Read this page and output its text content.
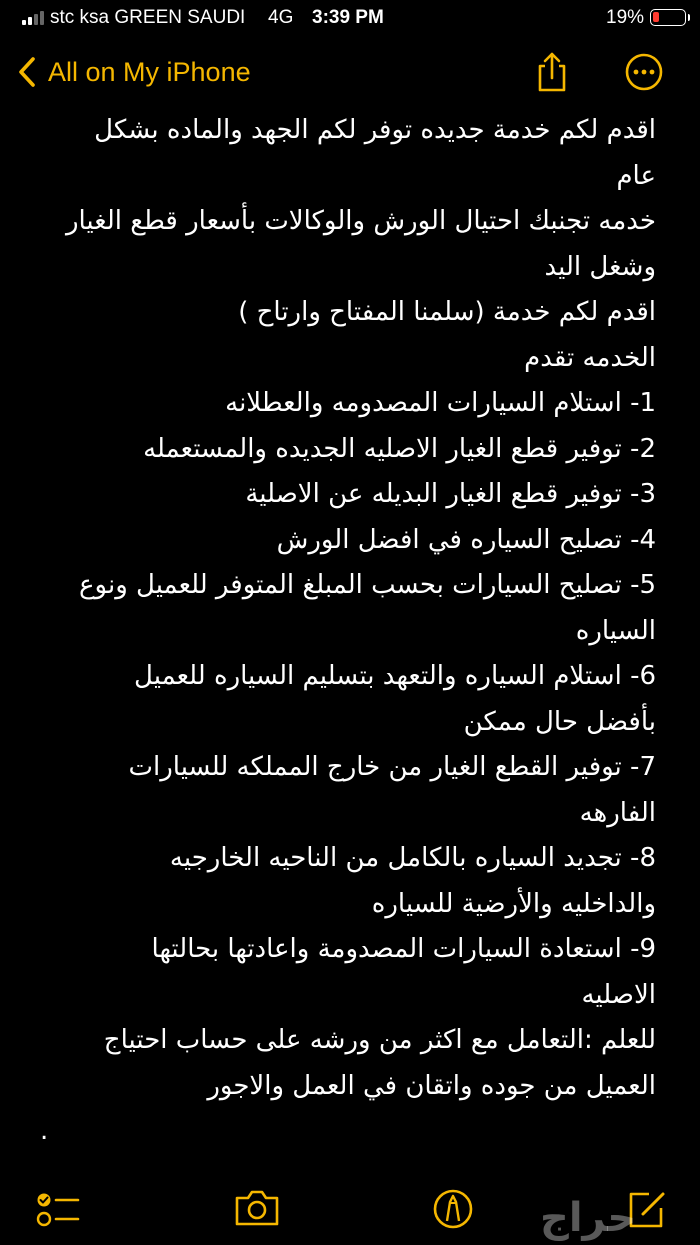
stc ksa GREEN SAUDI 4G 3:39 PM	19%
All on My iPhone
اقدم لكم خدمة جديده توفر لكم الجهد والماده بشكل
عام
خدمه تجنبك احتيال الورش والوكالات بأسعار قطع الغيار
وشغل اليد
اقدم لكم خدمة (سلمنا المفتاح وارتاح )
الخدمه تقدم
1- استلام السيارات المصدومه والعطلانه
2- توفير قطع الغيار الاصليه الجديده والمستعمله
3- توفير قطع الغيار البديله عن الاصلية
4- تصليح السياره في افضل الورش
5- تصليح السيارات بحسب المبلغ المتوفر للعميل ونوع
السياره
6- استلام السياره والتعهد بتسليم السياره للعميل
بأفضل حال ممكن
7- توفير القطع الغيار من خارج المملكه للسيارات
الفارهه
8- تجديد السياره بالكامل من الناحيه الخارجيه
والداخليه والأرضية للسياره
9- استعادة السيارات المصدومة واعادتها بحالتها
الاصليه
للعلم :التعامل مع اكثر من ورشه على حساب احتياج
العميل من جوده واتقان في العمل والاجور
.
حراج
